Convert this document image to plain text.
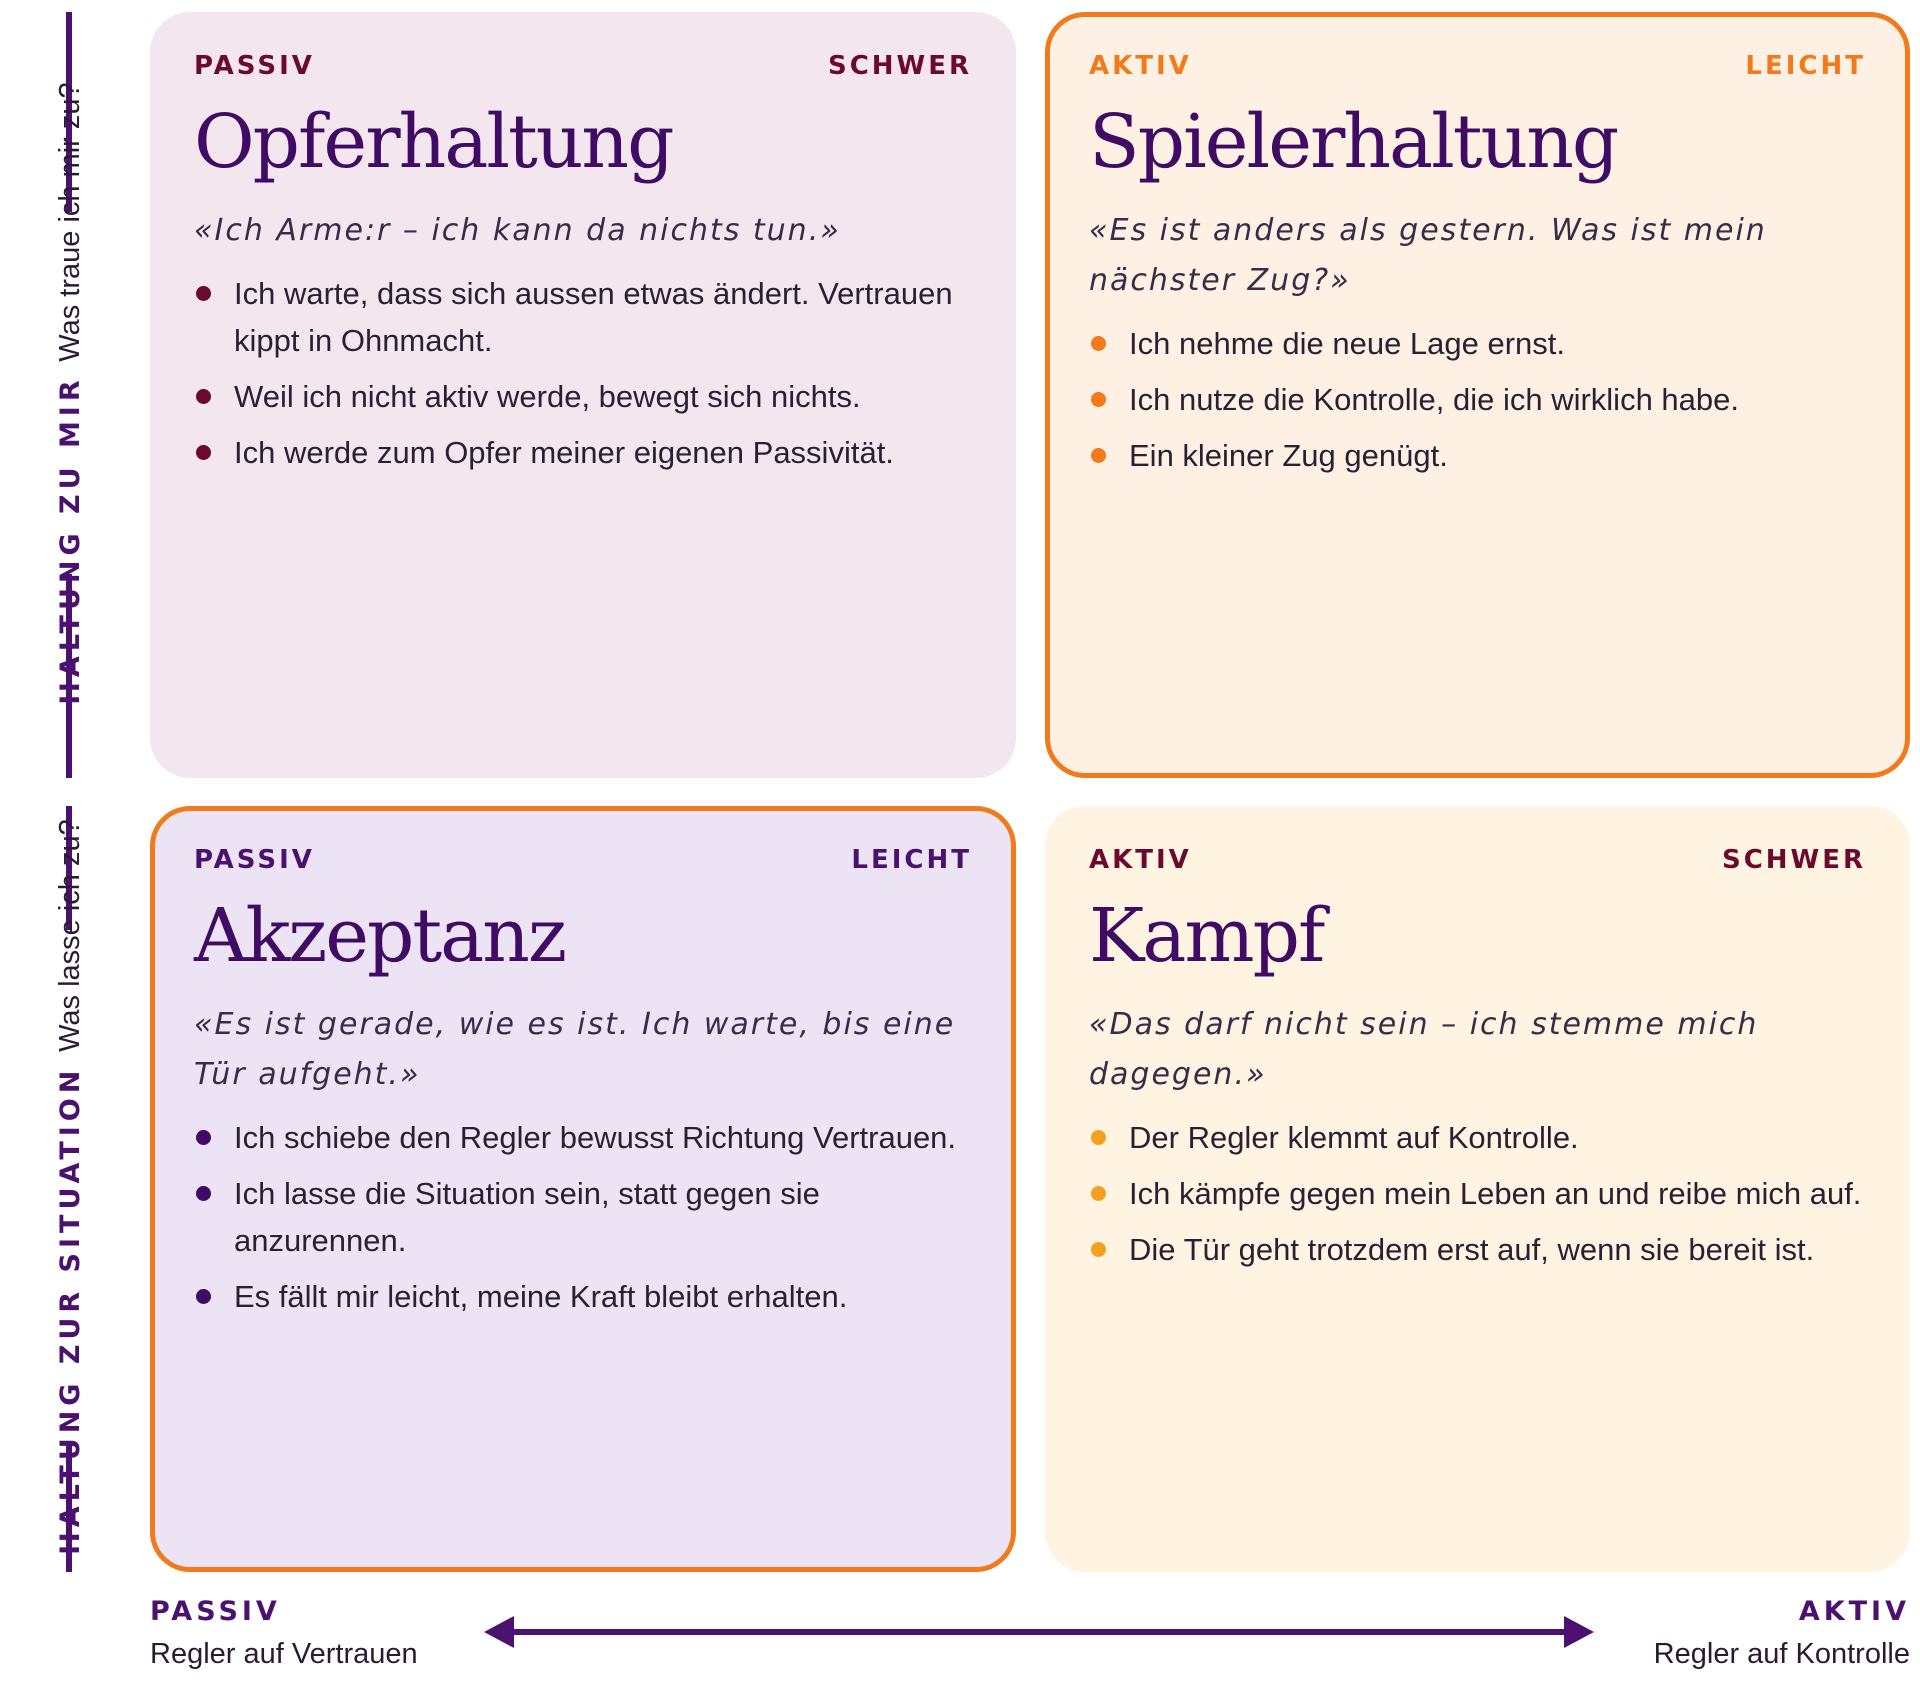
HALTUNG ZU MIR
Was traue ich mir zu?
HALTUNG ZUR SITUATION
Was lasse ich zu?
PASSIV	SCHWER
Opferhaltung
«Ich Arme:r – ich kann da nichts tun.»
Ich warte, dass sich aussen etwas ändert. Vertrauen kippt in Ohnmacht.
Weil ich nicht aktiv werde, bewegt sich nichts.
Ich werde zum Opfer meiner eigenen Passivität.
AKTIV	LEICHT
Spielerhaltung
«Es ist anders als gestern. Was ist mein nächster Zug?»
Ich nehme die neue Lage ernst.
Ich nutze die Kontrolle, die ich wirklich habe.
Ein kleiner Zug genügt.
PASSIV	LEICHT
Akzeptanz
«Es ist gerade, wie es ist. Ich warte, bis eine Tür aufgeht.»
Ich schiebe den Regler bewusst Richtung Vertrauen.
Ich lasse die Situation sein, statt gegen sie anzurennen.
Es fällt mir leicht, meine Kraft bleibt erhalten.
AKTIV	SCHWER
Kampf
«Das darf nicht sein – ich stemme mich dagegen.»
Der Regler klemmt auf Kontrolle.
Ich kämpfe gegen mein Leben an und reibe mich auf.
Die Tür geht trotzdem erst auf, wenn sie bereit ist.
PASSIV
Regler auf Vertrauen
AKTIV
Regler auf Kontrolle
